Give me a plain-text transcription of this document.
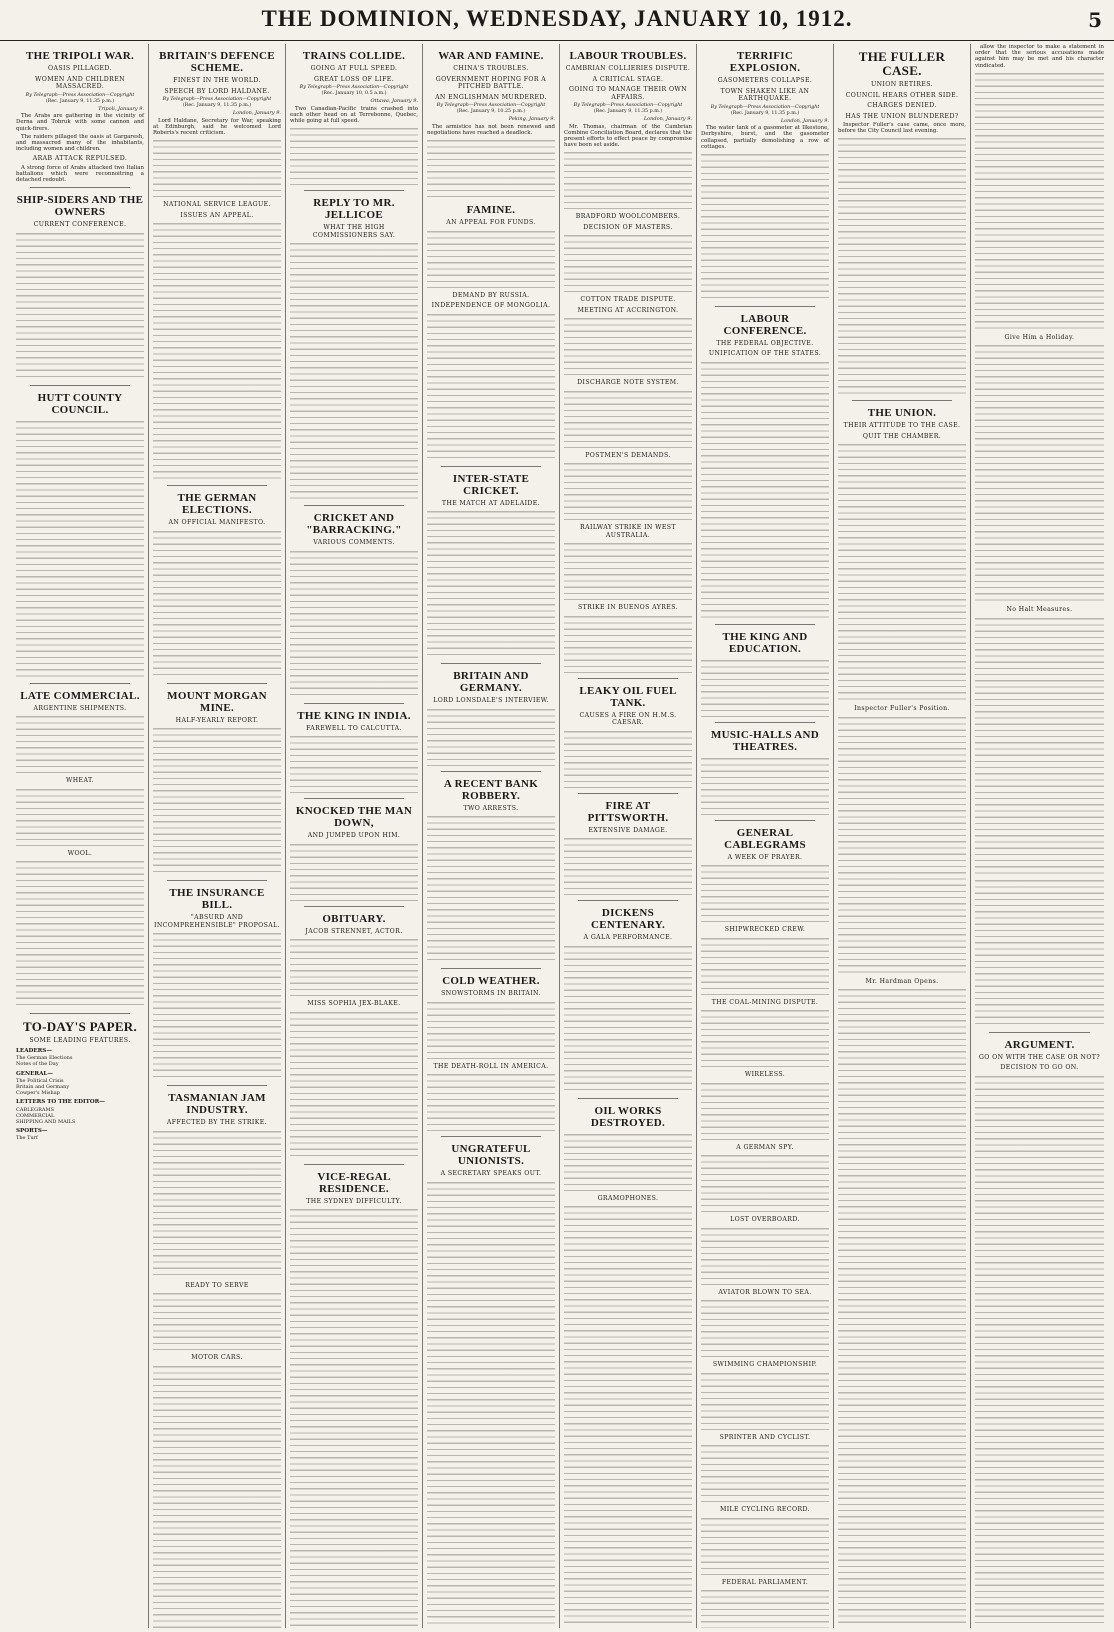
THE DOMINION, WEDNESDAY, JANUARY 10, 1912.	5
THE TRIPOLI WAR.
OASIS PILLAGED.
WOMEN AND CHILDREN MASSACRED.
By Telegraph—Press Association—Copyright
(Rec. January 9, 11.35 p.m.)
Tripoli, January 9.

The Arabs are gathering in the vicinity of Derna and Tobruk with some cannon and quick-firers.

The raiders pillaged the oasis at Gargaresh, and massacred many of the inhabitants, including women and children.

ARAB ATTACK REPULSED.

A strong force of Arabs attacked two Italian battalions which were reconnoitring a detached redoubt.

SHIP-SIDERS AND THE OWNERS
CURRENT CONFERENCE.
HUTT COUNTY COUNCIL.
LATE COMMERCIAL.
ARGENTINE SHIPMENTS.
WHEAT.
WOOL.
TO-DAY'S PAPER.
SOME LEADING FEATURES.
LEADERS—
The German Elections
Notes of the Day
GENERAL—
The Political Crisis
Britain and Germany
Cowper's Mishap
LETTERS TO THE EDITOR—
CABLEGRAMS
COMMERCIAL
SHIPPING AND MAILS
SPORTS—
The Turf
BRITAIN'S DEFENCE SCHEME.
FINEST IN THE WORLD.
SPEECH BY LORD HALDANE.
By Telegraph—Press Association—Copyright
(Rec. January 9, 11.35 p.m.)
London, January 9.

Lord Haldane, Secretary for War, speaking at Edinburgh, said he welcomed Lord Roberts's recent criticism.

NATIONAL SERVICE LEAGUE.
ISSUES AN APPEAL.
THE GERMAN ELECTIONS.
AN OFFICIAL MANIFESTO.
MOUNT MORGAN MINE.
HALF-YEARLY REPORT.
THE INSURANCE BILL.
"ABSURD AND INCOMPREHENSIBLE" PROPOSAL.
TASMANIAN JAM INDUSTRY.
AFFECTED BY THE STRIKE.
READY TO SERVE
MOTOR CARS.
TRAINS COLLIDE.
GOING AT FULL SPEED.
GREAT LOSS OF LIFE.
By Telegraph—Press Association—Copyright
(Rec. January 10, 0.5 a.m.)
Ottawa, January 9.

Two Canadian-Pacific trains crashed into each other head on at Terrebonne, Quebec, while going at full speed.

REPLY TO MR. JELLICOE
WHAT THE HIGH COMMISSIONERS SAY.
CRICKET AND "BARRACKING."
VARIOUS COMMENTS.
THE KING IN INDIA.
FAREWELL TO CALCUTTA.
KNOCKED THE MAN DOWN,
AND JUMPED UPON HIM.
OBITUARY.
JACOB STRENNET, ACTOR.
MISS SOPHIA JEX-BLAKE.
VICE-REGAL RESIDENCE.
THE SYDNEY DIFFICULTY.
WAR AND FAMINE.
CHINA'S TROUBLES.
GOVERNMENT HOPING FOR A PITCHED BATTLE.
AN ENGLISHMAN MURDERED.
By Telegraph—Press Association—Copyright
(Rec. January 9, 10.25 p.m.)
Peking, January 9.

The armistice has not been renewed and negotiations have reached a deadlock.

FAMINE.
AN APPEAL FOR FUNDS.
DEMAND BY RUSSIA.
INDEPENDENCE OF MONGOLIA.
INTER-STATE CRICKET.
THE MATCH AT ADELAIDE.
BRITAIN AND GERMANY.
LORD LONSDALE'S INTERVIEW.
A RECENT BANK ROBBERY.
TWO ARRESTS.
COLD WEATHER.
SNOWSTORMS IN BRITAIN.
THE DEATH-ROLL IN AMERICA.
UNGRATEFUL UNIONISTS.
A SECRETARY SPEAKS OUT.
LABOUR TROUBLES.
CAMBRIAN COLLIERIES DISPUTE.
A CRITICAL STAGE.
GOING TO MANAGE THEIR OWN AFFAIRS.
By Telegraph—Press Association—Copyright
(Rec. January 9, 11.35 p.m.)
London, January 9.

Mr. Thomas, chairman of the Cambrian Combine Conciliation Board, declares that the present efforts to effect peace by compromise have been set aside.

BRADFORD WOOLCOMBERS.
DECISION OF MASTERS.
COTTON TRADE DISPUTE.
MEETING AT ACCRINGTON.
DISCHARGE NOTE SYSTEM.
POSTMEN'S DEMANDS.
RAILWAY STRIKE IN WEST AUSTRALIA.
STRIKE IN BUENOS AYRES.
LEAKY OIL FUEL TANK.
CAUSES A FIRE ON H.M.S. CAESAR.
FIRE AT PITTSWORTH.
EXTENSIVE DAMAGE.
DICKENS CENTENARY.
A GALA PERFORMANCE.
OIL WORKS DESTROYED.
GRAMOPHONES.
TERRIFIC EXPLOSION.
GASOMETERS COLLAPSE.
TOWN SHAKEN LIKE AN EARTHQUAKE.
By Telegraph—Press Association—Copyright
(Rec. January 9, 11.35 p.m.)
London, January 9.

The water tank of a gasometer at Ilkestone, Derbyshire, burst, and the gasometer collapsed, partially demolishing a row of cottages.

LABOUR CONFERENCE.
THE FEDERAL OBJECTIVE.
UNIFICATION OF THE STATES.
THE KING AND EDUCATION.
MUSIC-HALLS AND THEATRES.
GENERAL CABLEGRAMS
A WEEK OF PRAYER.
SHIPWRECKED CREW.
THE COAL-MINING DISPUTE.
WIRELESS.
A GERMAN SPY.
LOST OVERBOARD.
AVIATOR BLOWN TO SEA.
SWIMMING CHAMPIONSHIP.
SPRINTER AND CYCLIST.
MILE CYCLING RECORD.
FEDERAL PARLIAMENT.
THE FULLER CASE.
UNION RETIRES.
COUNCIL HEARS OTHER SIDE.
CHARGES DENIED.
HAS THE UNION BLUNDERED?

Inspector Fuller's case came, once more, before the City Council last evening.

THE UNION.
THEIR ATTITUDE TO THE CASE.
QUIT THE CHAMBER.
Inspector Fuller's Position.
Mr. Hardman Opens.

allow the inspector to make a statement in order that the serious accusations made against him may be met and his character vindicated.

Give Him a Holiday.
No Halt Measures.
ARGUMENT.
GO ON WITH THE CASE OR NOT?
DECISION TO GO ON.
